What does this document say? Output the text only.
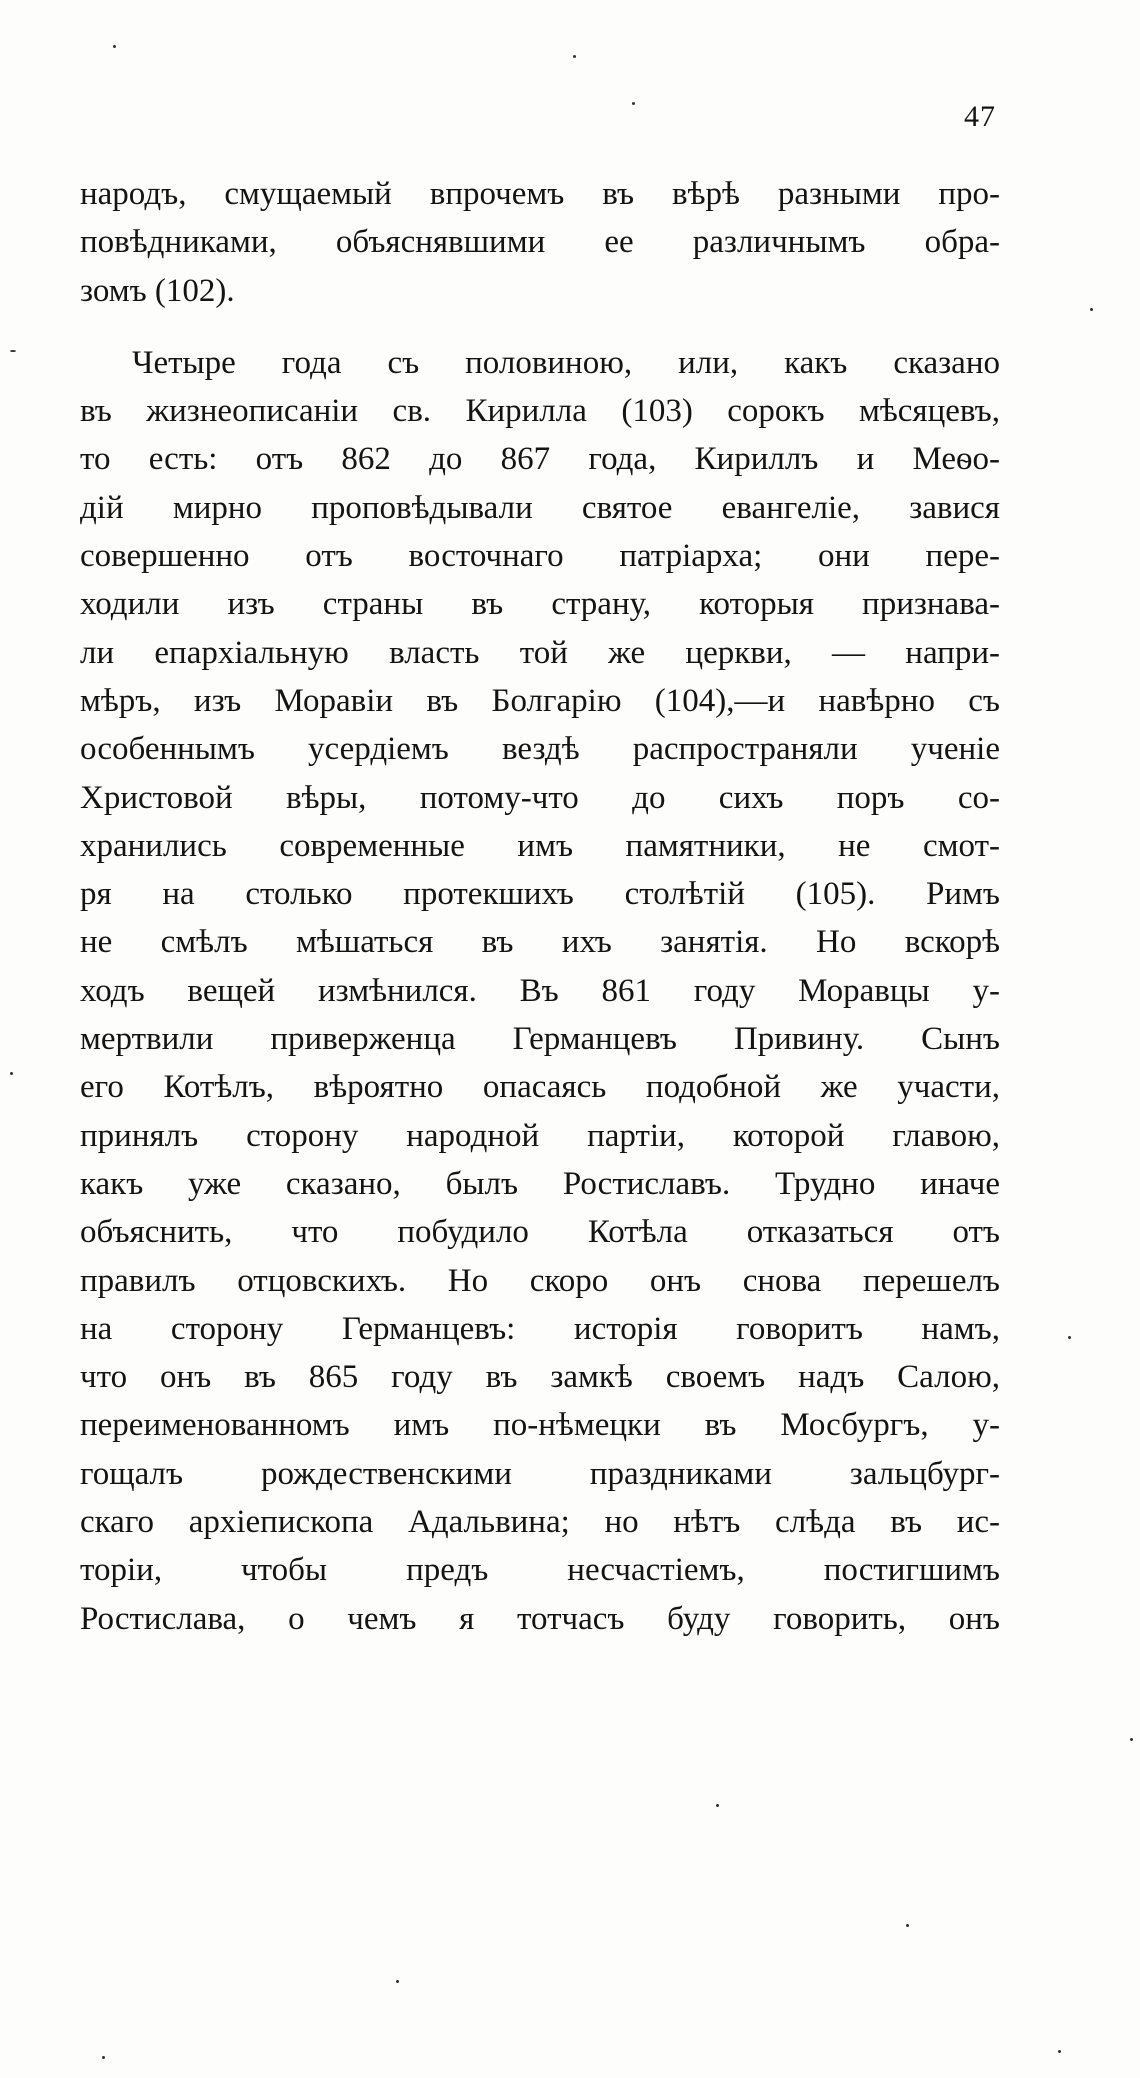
47
народъ, смущаемый впрочемъ въ вѣрѣ разными про-
повѣдниками, объяснявшими ее различнымъ обра-
зомъ (102).
Четыре года съ половиною, или, какъ сказано
въ жизнеописаніи св. Кирилла (103) сорокъ мѣсяцевъ,
то есть: отъ 862 до 867 года, Кириллъ и Меѳо-
дій мирно проповѣдывали святое евангеліе, завися
совершенно отъ восточнаго патріарха; они пере-
ходили изъ страны въ страну, которыя признава-
ли епархіальную власть той же церкви, — напри-
мѣръ, изъ Моравіи въ Болгарію (104),—и навѣрно съ
особеннымъ усердіемъ вездѣ распространяли ученіе
Христовой вѣры, потому-что до сихъ поръ со-
хранились современные имъ памятники, не смот-
ря на столько протекшихъ столѣтій (105). Римъ
не смѣлъ мѣшаться въ ихъ занятія. Но вскорѣ
ходъ вещей измѣнился. Въ 861 году Моравцы у-
мертвили приверженца Германцевъ Привину. Сынъ
его Котѣлъ, вѣроятно опасаясь подобной же участи,
принялъ сторону народной партіи, которой главою,
какъ уже сказано, былъ Ростиславъ. Трудно иначе
объяснить, что побудило Котѣла отказаться отъ
правилъ отцовскихъ. Но скоро онъ снова перешелъ
на сторону Германцевъ: исторія говоритъ намъ,
что онъ въ 865 году въ замкѣ своемъ надъ Салою,
переименованномъ имъ по-нѣмецки въ Мосбургъ, у-
гощалъ рождественскими праздниками зальцбург-
скаго архіепископа Адальвина; но нѣтъ слѣда въ ис-
торіи, чтобы предъ несчастіемъ, постигшимъ
Ростислава, о чемъ я тотчасъ буду говорить, онъ
